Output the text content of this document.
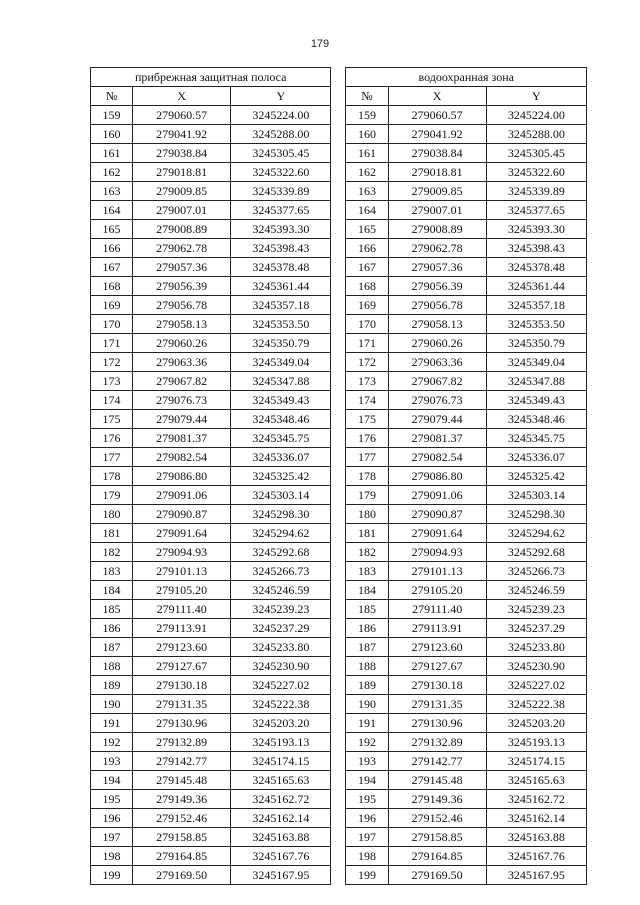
179
прибрежная защитная полоса				водоохранная зона		
№	X	Y		№	X	Y
159	279060.57	3245224.00		159	279060.57	3245224.00
160	279041.92	3245288.00		160	279041.92	3245288.00
161	279038.84	3245305.45		161	279038.84	3245305.45
162	279018.81	3245322.60		162	279018.81	3245322.60
163	279009.85	3245339.89		163	279009.85	3245339.89
164	279007.01	3245377.65		164	279007.01	3245377.65
165	279008.89	3245393.30		165	279008.89	3245393.30
166	279062.78	3245398.43		166	279062.78	3245398.43
167	279057.36	3245378.48		167	279057.36	3245378.48
168	279056.39	3245361.44		168	279056.39	3245361.44
169	279056.78	3245357.18		169	279056.78	3245357.18
170	279058.13	3245353.50		170	279058.13	3245353.50
171	279060.26	3245350.79		171	279060.26	3245350.79
172	279063.36	3245349.04		172	279063.36	3245349.04
173	279067.82	3245347.88		173	279067.82	3245347.88
174	279076.73	3245349.43		174	279076.73	3245349.43
175	279079.44	3245348.46		175	279079.44	3245348.46
176	279081.37	3245345.75		176	279081.37	3245345.75
177	279082.54	3245336.07		177	279082.54	3245336.07
178	279086.80	3245325.42		178	279086.80	3245325.42
179	279091.06	3245303.14		179	279091.06	3245303.14
180	279090.87	3245298.30		180	279090.87	3245298.30
181	279091.64	3245294.62		181	279091.64	3245294.62
182	279094.93	3245292.68		182	279094.93	3245292.68
183	279101.13	3245266.73		183	279101.13	3245266.73
184	279105.20	3245246.59		184	279105.20	3245246.59
185	279111.40	3245239.23		185	279111.40	3245239.23
186	279113.91	3245237.29		186	279113.91	3245237.29
187	279123.60	3245233.80		187	279123.60	3245233.80
188	279127.67	3245230.90		188	279127.67	3245230.90
189	279130.18	3245227.02		189	279130.18	3245227.02
190	279131.35	3245222.38		190	279131.35	3245222.38
191	279130.96	3245203.20		191	279130.96	3245203.20
192	279132.89	3245193.13		192	279132.89	3245193.13
193	279142.77	3245174.15		193	279142.77	3245174.15
194	279145.48	3245165.63		194	279145.48	3245165.63
195	279149.36	3245162.72		195	279149.36	3245162.72
196	279152.46	3245162.14		196	279152.46	3245162.14
197	279158.85	3245163.88		197	279158.85	3245163.88
198	279164.85	3245167.76		198	279164.85	3245167.76
199	279169.50	3245167.95		199	279169.50	3245167.95
